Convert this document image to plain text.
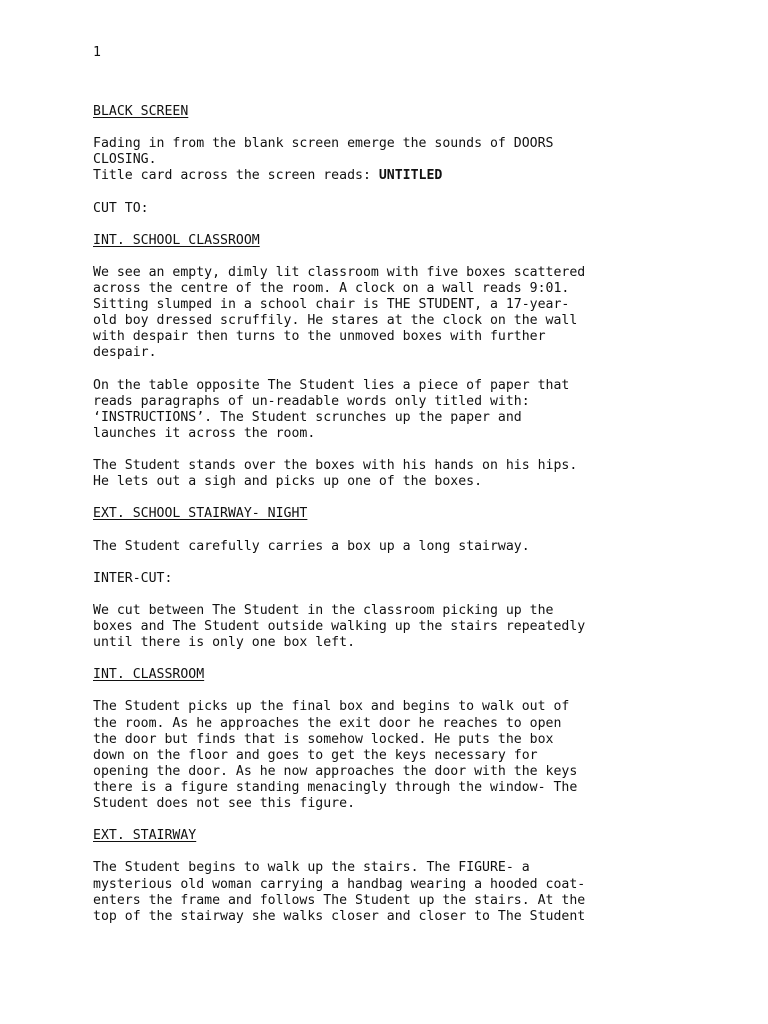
1

BLACK SCREEN

Fading in from the blank screen emerge the sounds of DOORS
CLOSING.
Title card across the screen reads: UNTITLED

CUT TO:

INT. SCHOOL CLASSROOM

We see an empty, dimly lit classroom with five boxes scattered
across the centre of the room. A clock on a wall reads 9:01.
Sitting slumped in a school chair is THE STUDENT, a 17-year-
old boy dressed scruffily. He stares at the clock on the wall
with despair then turns to the unmoved boxes with further
despair.

On the table opposite The Student lies a piece of paper that
reads paragraphs of un-readable words only titled with:
‘INSTRUCTIONS’. The Student scrunches up the paper and
launches it across the room.

The Student stands over the boxes with his hands on his hips.
He lets out a sigh and picks up one of the boxes.

EXT. SCHOOL STAIRWAY- NIGHT

The Student carefully carries a box up a long stairway.

INTER-CUT:

We cut between The Student in the classroom picking up the
boxes and The Student outside walking up the stairs repeatedly
until there is only one box left.

INT. CLASSROOM

The Student picks up the final box and begins to walk out of
the room. As he approaches the exit door he reaches to open
the door but finds that is somehow locked. He puts the box
down on the floor and goes to get the keys necessary for
opening the door. As he now approaches the door with the keys
there is a figure standing menacingly through the window- The
Student does not see this figure.

EXT. STAIRWAY

The Student begins to walk up the stairs. The FIGURE- a
mysterious old woman carrying a handbag wearing a hooded coat-
enters the frame and follows The Student up the stairs. At the
top of the stairway she walks closer and closer to The Student
